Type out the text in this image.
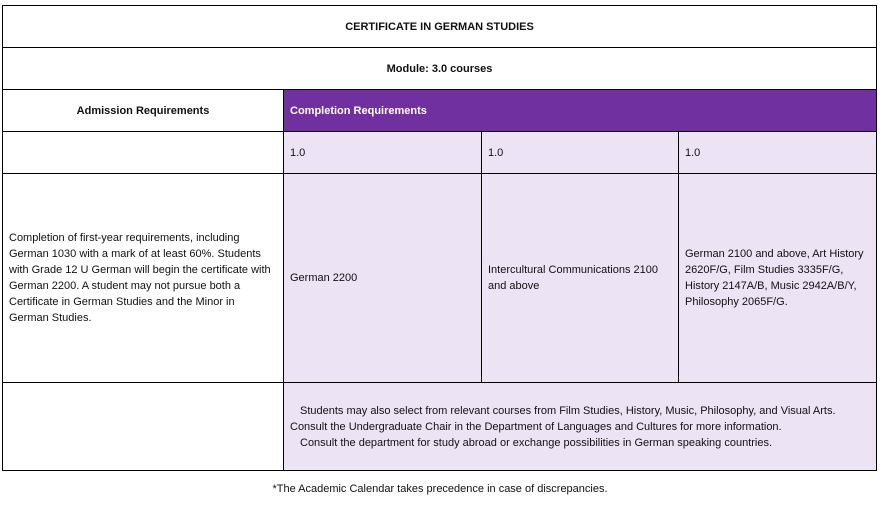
CERTIFICATE IN GERMAN STUDIES			
Module: 3.0 courses			
Admission Requirements	Completion Requirements		
	1.0	1.0	1.0
Completion of first-year requirements, including German 1030 with a mark of at least 60%. Students with Grade 12 U German will begin the certificate with German 2200. A student may not pursue both a Certificate in German Studies and the Minor in German Studies.	German 2200	Intercultural Communications 2100 and above	German 2100 and above, Art History 2620F/G, Film Studies 3335F/G, History 2147A/B, Music 2942A/B/Y, Philosophy 2065F/G.

	Students may also select from relevant courses from Film Studies, History, Music, Philosophy, and Visual Arts. Consult the Undergraduate Chair in the Department of Languages and Cultures for more information.

Consult the department for study abroad or exchange possibilities in German speaking countries.		

*The Academic Calendar takes precedence in case of discrepancies.
